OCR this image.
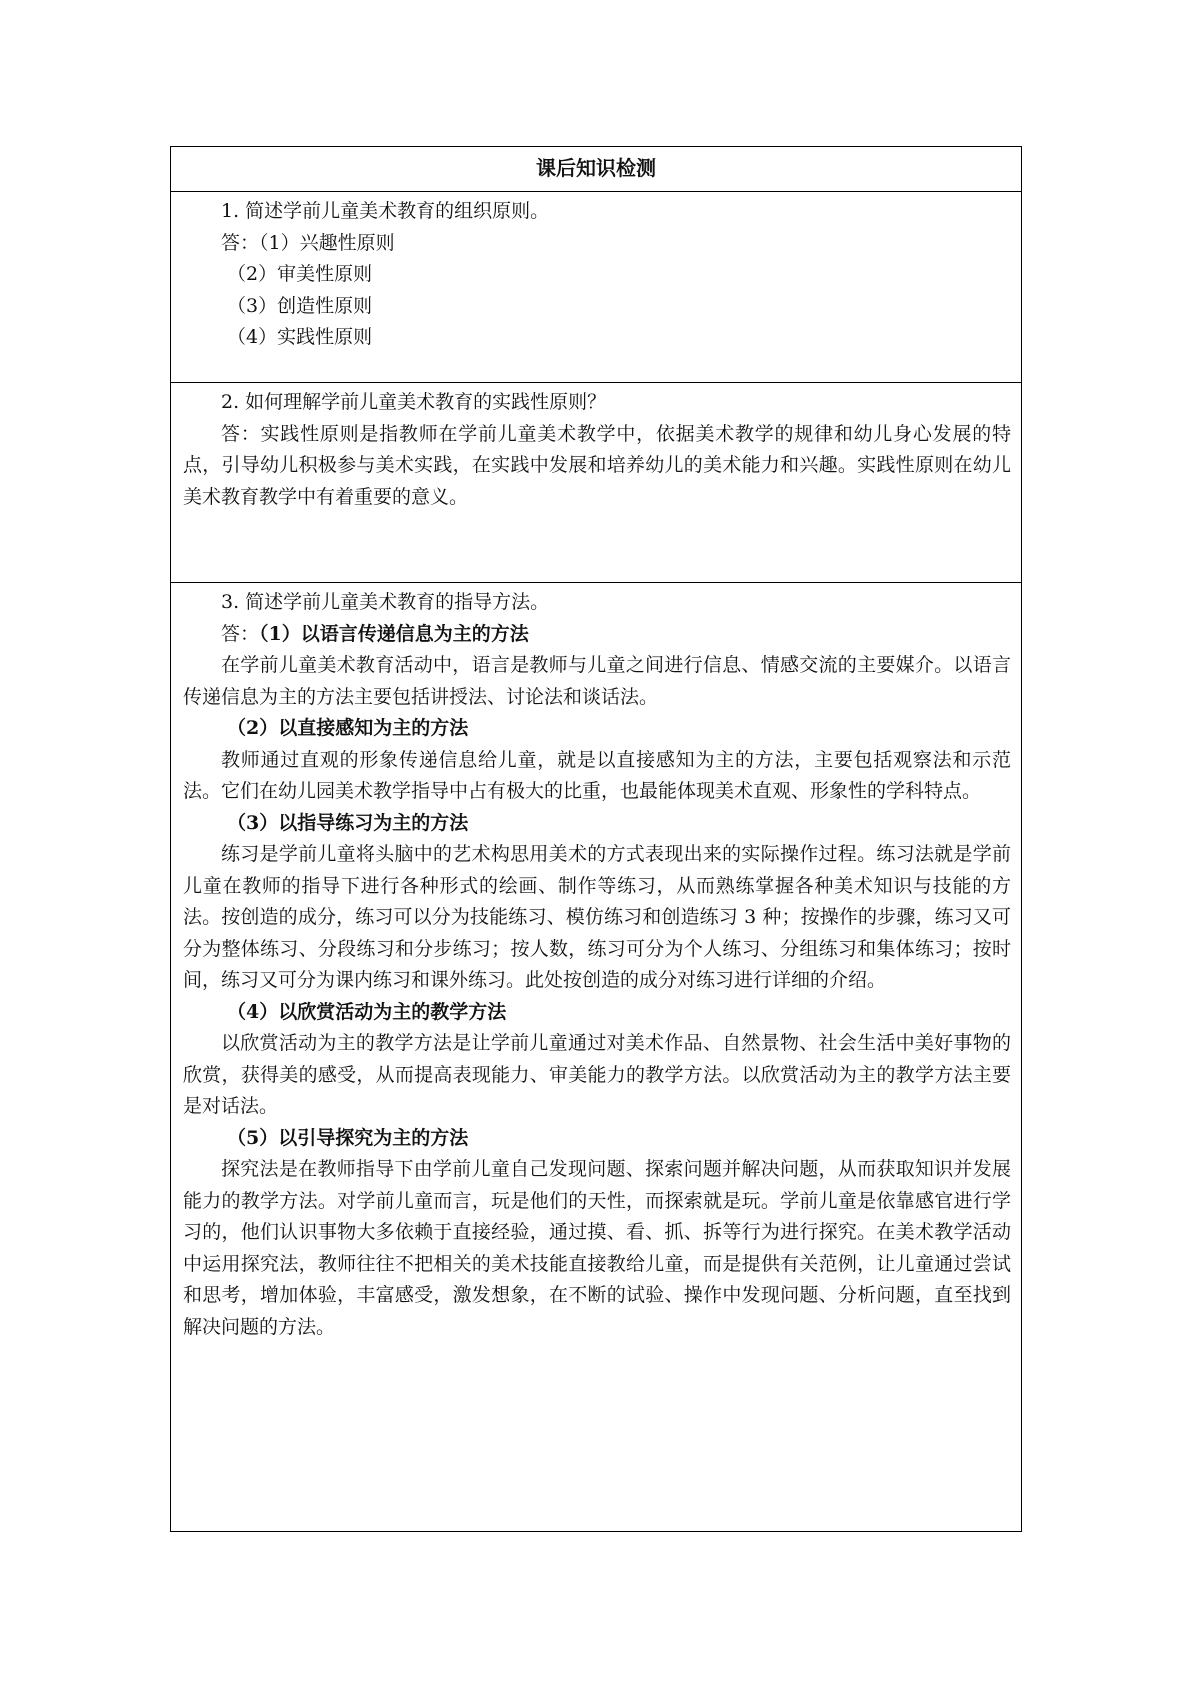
课后知识检测

1. 简述学前儿童美术教育的组织原则。

答：（1）兴趣性原则

（2）审美性原则

（3）创造性原则

（4）实践性原则

2. 如何理解学前儿童美术教育的实践性原则？

答：实践性原则是指教师在学前儿童美术教学中，依据美术教学的规律和幼儿身心发展的特点，引导幼儿积极参与美术实践，在实践中发展和培养幼儿的美术能力和兴趣。实践性原则在幼儿美术教育教学中有着重要的意义。

3. 简述学前儿童美术教育的指导方法。

答：（1）以语言传递信息为主的方法

在学前儿童美术教育活动中，语言是教师与儿童之间进行信息、情感交流的主要媒介。以语言传递信息为主的方法主要包括讲授法、讨论法和谈话法。

（2）以直接感知为主的方法

教师通过直观的形象传递信息给儿童，就是以直接感知为主的方法，主要包括观察法和示范法。它们在幼儿园美术教学指导中占有极大的比重，也最能体现美术直观、形象性的学科特点。

（3）以指导练习为主的方法

练习是学前儿童将头脑中的艺术构思用美术的方式表现出来的实际操作过程。练习法就是学前儿童在教师的指导下进行各种形式的绘画、制作等练习，从而熟练掌握各种美术知识与技能的方法。按创造的成分，练习可以分为技能练习、模仿练习和创造练习 3 种；按操作的步骤，练习又可分为整体练习、分段练习和分步练习；按人数，练习可分为个人练习、分组练习和集体练习；按时间，练习又可分为课内练习和课外练习。此处按创造的成分对练习进行详细的介绍。

（4）以欣赏活动为主的教学方法

以欣赏活动为主的教学方法是让学前儿童通过对美术作品、自然景物、社会生活中美好事物的欣赏，获得美的感受，从而提高表现能力、审美能力的教学方法。以欣赏活动为主的教学方法主要是对话法。

（5）以引导探究为主的方法

探究法是在教师指导下由学前儿童自己发现问题、探索问题并解决问题，从而获取知识并发展能力的教学方法。对学前儿童而言，玩是他们的天性，而探索就是玩。学前儿童是依靠感官进行学习的，他们认识事物大多依赖于直接经验，通过摸、看、抓、拆等行为进行探究。在美术教学活动中运用探究法，教师往往不把相关的美术技能直接教给儿童，而是提供有关范例，让儿童通过尝试和思考，增加体验，丰富感受，激发想象，在不断的试验、操作中发现问题、分析问题，直至找到解决问题的方法。
